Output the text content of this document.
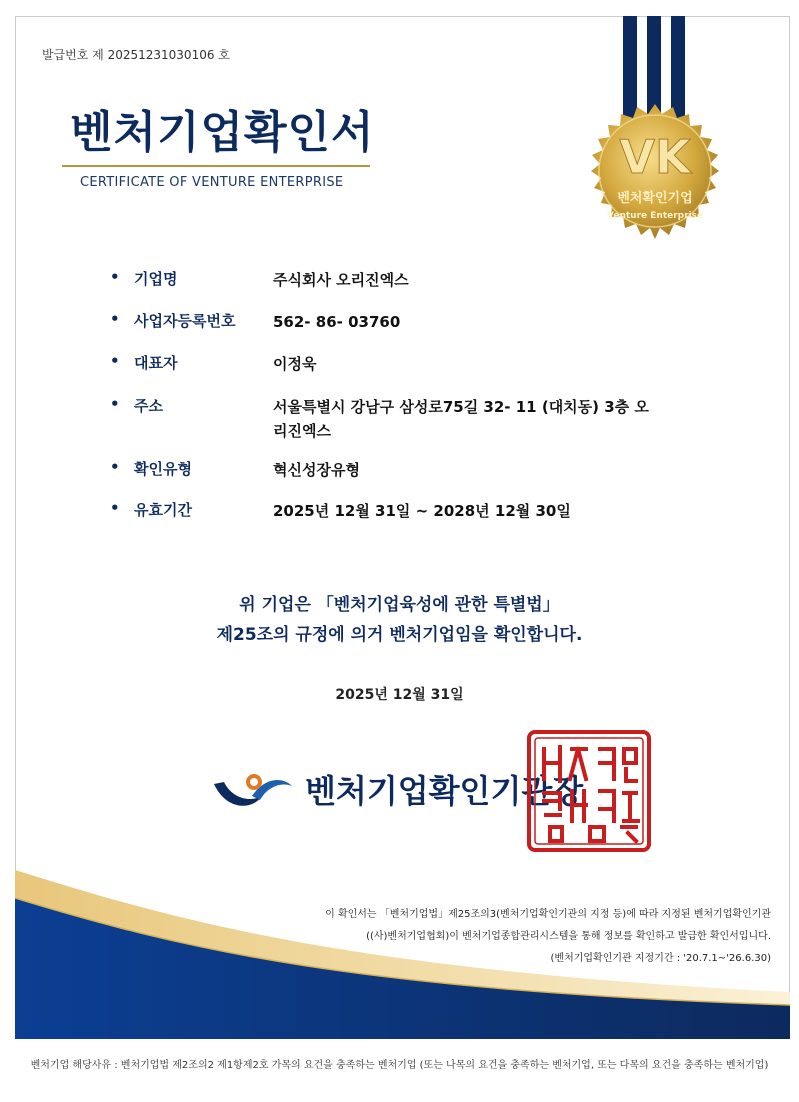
발급번호 제 20251231030106 호
벤처기업확인서
CERTIFICATE OF VENTURE ENTERPRISE	VK
벤처확인기업
Venture Enterprise
• 기업명	주식회사 오리진엑스
• 사업자등록번호	562- 86- 03760
• 대표자	이정욱
• 주소	서울특별시 강남구 삼성로75길 32- 11 (대치동) 3층 오
리진엑스
• 확인유형	혁신성장유형
• 유효기간	2025년 12월 31일 ~ 2028년 12월 30일
위 기업은 「벤처기업육성에 관한 특별법」
제25조의 규정에 의거 벤처기업임을 확인합니다.
2025년 12월 31일
벤처기업확인기관장 벤처기업확인기관장인
이 확인서는 「벤처기업법」제25조의3(벤처기업확인기관의 지정 등)에 따라 지정된 벤처기업확인기관
((사)벤처기업협회)이 벤처기업종합관리시스템을 통해 정보를 확인하고 발급한 확인서입니다.
(벤처기업확인기관 지정기간 : '20.7.1~'26.6.30)
벤처기업 해당사유 : 벤처기업법 제2조의2 제1항제2호 가목의 요건을 충족하는 벤처기업 (또는 나목의 요건을 충족하는 벤처기업, 또는 다목의 요건을 충족하는 벤처기업)
